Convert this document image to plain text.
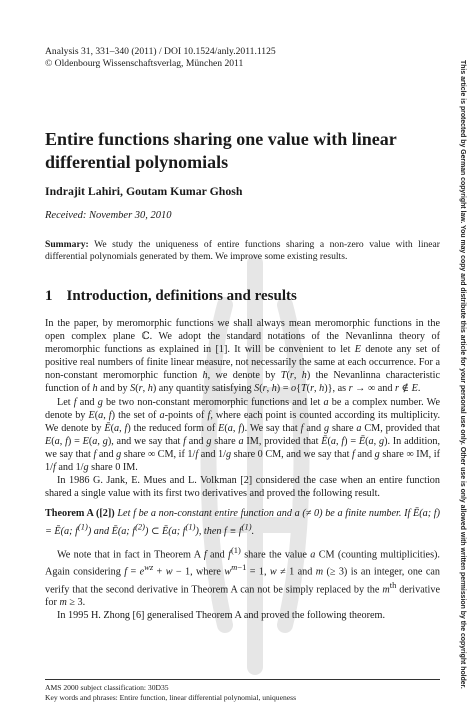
Analysis 31, 331–340 (2011) / DOI 10.1524/anly.2011.1125
© Oldenbourg Wissenschaftsverlag, München 2011
Entire functions sharing one value with linear differential polynomials
Indrajit Lahiri, Goutam Kumar Ghosh
Received: November 30, 2010
Summary: We study the uniqueness of entire functions sharing a non-zero value with linear differential polynomials generated by them. We improve some existing results.
1 Introduction, definitions and results

In the paper, by meromorphic functions we shall always mean meromorphic functions in the open complex plane ℂ. We adopt the standard notations of the Nevanlinna theory of meromorphic functions as explained in [1]. It will be convenient to let E denote any set of positive real numbers of finite linear measure, not necessarily the same at each occurrence. For a non-constant meromorphic function h, we denote by T(r, h) the Nevanlinna characteristic function of h and by S(r, h) any quantity satisfying S(r, h) = o{T(r, h)}, as r → ∞ and r ∉ E.

Let f and g be two non-constant meromorphic functions and let a be a complex number. We denote by E(a, f) the set of a-points of f, where each point is counted according its multiplicity. We denote by Ē(a, f) the reduced form of E(a, f). We say that f and g share a CM, provided that E(a, f) = E(a, g), and we say that f and g share a IM, provided that Ē(a, f) = Ē(a, g). In addition, we say that f and g share ∞ CM, if 1/f and 1/g share 0 CM, and we say that f and g share ∞ IM, if 1/f and 1/g share 0 IM.

In 1986 G. Jank, E. Mues and L. Volkman [2] considered the case when an entire function shared a single value with its first two derivatives and proved the following result.

Theorem A ([2]) Let f be a non-constant entire function and a (≠ 0) be a finite number. If Ē(a; f) = Ē(a; $f^{(1)}$) and Ē(a; $f^{(2)}$) ⊂ Ē(a; $f^{(1)}$), then $f \equiv f^{(1)}$.

We note that in fact in Theorem A f and $f^{(1)}$ share the value a CM (counting multiplicities). Again considering $f = e^{wz} + w - 1$, where $w^{m-1} = 1$, w ≠ 1 and m (≥ 3) is an integer, one can verify that the second derivative in Theorem A can not be simply replaced by the $m^{th}$ derivative for m ≥ 3.

In 1995 H. Zhong [6] generalised Theorem A and proved the following theorem.

AMS 2000 subject classification: 30D35
Key words and phrases: Entire function, linear differential polynomial, uniqueness
This article is protected by German copyright law. You may copy and distribute this article for your personal use only. Other use is only allowed with written permission by the copyright holder.
